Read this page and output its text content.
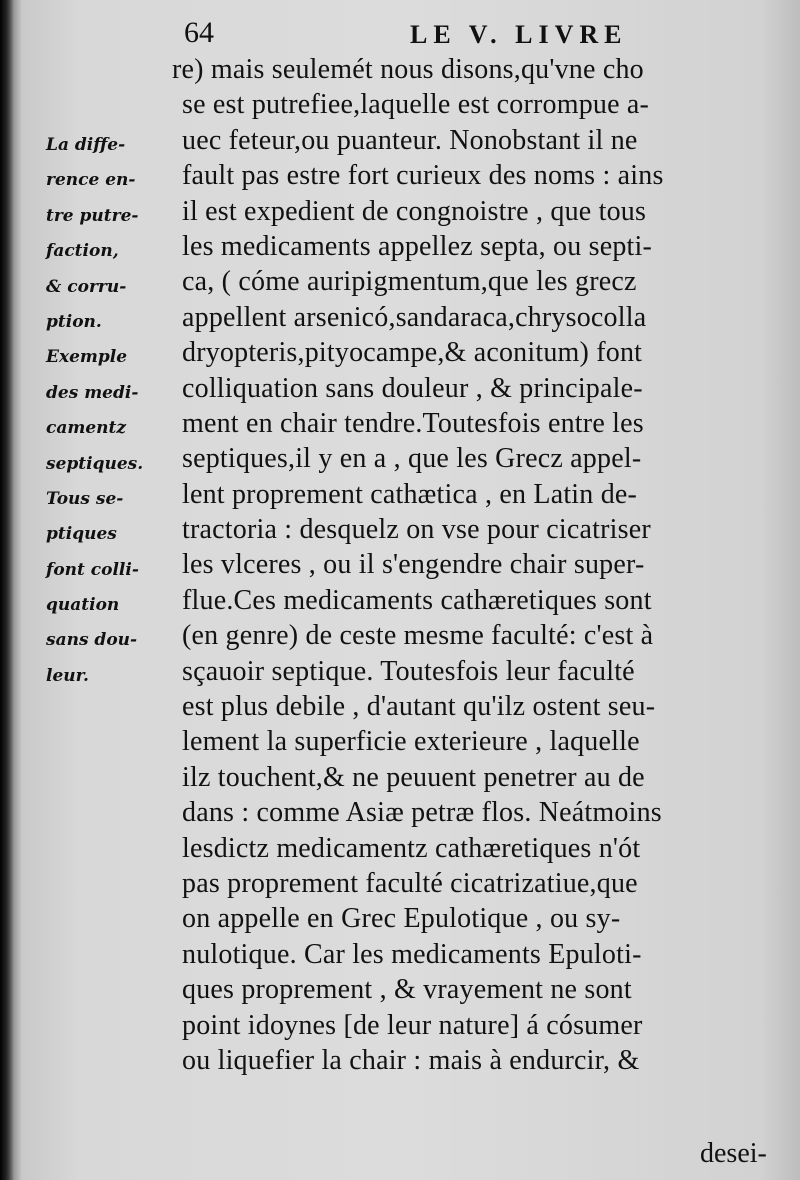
64	LE V. LIVRE
La diffe-
rence en-
tre putre-
faction,
& corru-
ption.
Exemple
des medi-
camentz
septiques.
Tous se-
ptiques
font colli-
quation
sans dou-
leur.
re) mais seulemét nous disons,qu'vne cho
se est putrefiee,laquelle est corrompue a-
uec feteur,ou puanteur. Nonobstant il ne
fault pas estre fort curieux des noms : ains
il est expedient de congnoistre , que tous
les medicaments appellez septa, ou septi-
ca, ( cóme auripigmentum,que les grecz
appellent arsenicó,sandaraca,chrysocolla
dryopteris,pityocampe,& aconitum) font
colliquation sans douleur , & principale-
ment en chair tendre.Toutesfois entre les
septiques,il y en a , que les Grecz appel-
lent proprement cathætica , en Latin de-
tractoria : desquelz on vse pour cicatriser
les vlceres , ou il s'engendre chair super-
flue.Ces medicaments cathæretiques sont
(en genre) de ceste mesme faculté: c'est à
sçauoir septique. Toutesfois leur faculté
est plus debile , d'autant qu'ilz ostent seu-
lement la superficie exterieure , laquelle
ilz touchent,& ne peuuent penetrer au de
dans : comme Asiæ petræ flos. Neátmoins
lesdictz medicamentz cathæretiques n'ót
pas proprement faculté cicatrizatiue,que
on appelle en Grec Epulotique , ou sy-
nulotique. Car les medicaments Epuloti-
ques proprement , & vrayement ne sont
point idoynes [de leur nature] á cósumer
ou liquefier la chair : mais à endurcir, &
desei-
